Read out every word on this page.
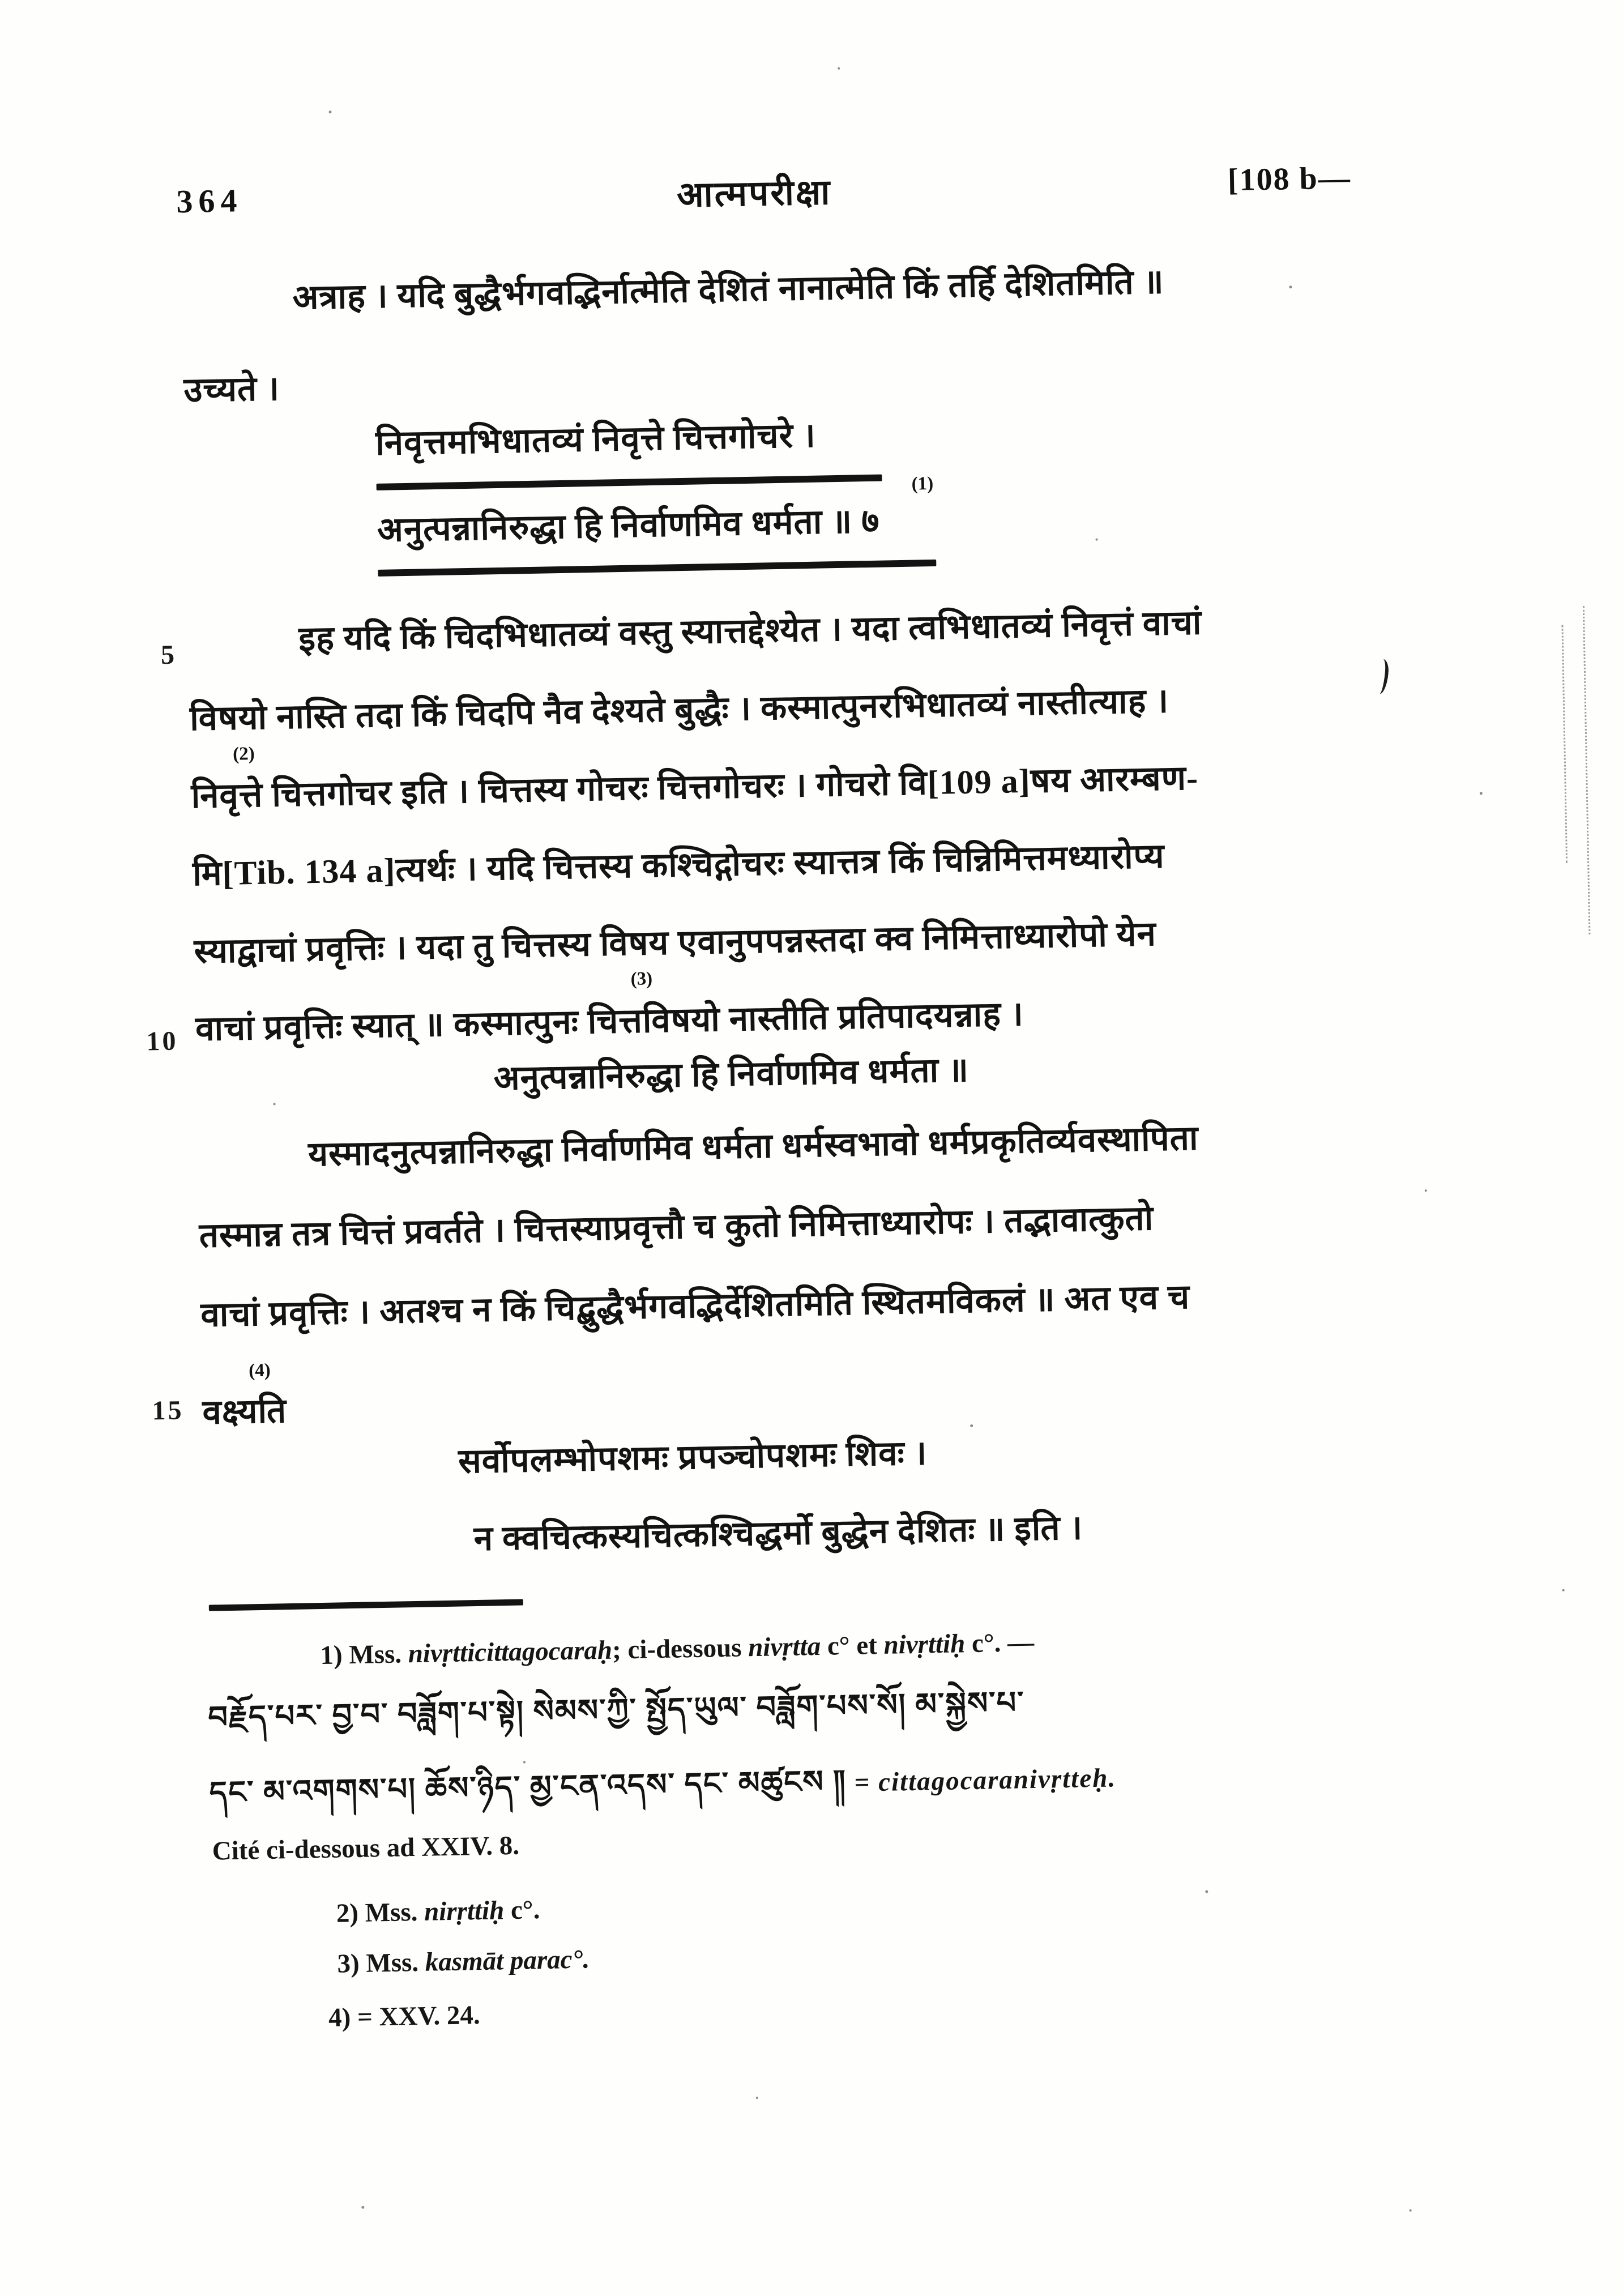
364	आत्मपरीक्षा	[108 b—
अत्राह । यदि बुद्धैर्भगवद्भिर्नात्मेति देशितं नानात्मेति किं तर्हि देशितमिति ॥
उच्यते ।
निवृत्तमभिधातव्यं निवृत्ते चित्तगोचरे ।
(1)
अनुत्पन्नानिरुद्धा हि निर्वाणमिव धर्मता ॥ ७
5	इह यदि किं चिदभिधातव्यं वस्तु स्यात्तद्देश्येत । यदा त्वभिधातव्यं निवृत्तं वाचां
विषयो नास्ति तदा किं चिदपि नैव देश्यते बुद्धैः । कस्मात्पुनरभिधातव्यं नास्तीत्याह ।
(2)
निवृत्ते चित्तगोचर इति । चित्तस्य गोचरः चित्तगोचरः । गोचरो वि[109 a]षय आरम्बण-
मि[Tib. 134 a]त्यर्थः । यदि चित्तस्य कश्चिद्गोचरः स्यात्तत्र किं चिन्निमित्तमध्यारोप्य
स्याद्वाचां प्रवृत्तिः । यदा तु चित्तस्य विषय एवानुपपन्नस्तदा क्व निमित्ताध्यारोपो येन
10
(3)
वाचां प्रवृत्तिः स्यात् ॥ कस्मात्पुनः चित्तविषयो नास्तीति प्रतिपादयन्नाह ।
अनुत्पन्नानिरुद्धा हि निर्वाणमिव धर्मता ॥
यस्मादनुत्पन्नानिरुद्धा निर्वाणमिव धर्मता धर्मस्वभावो धर्मप्रकृतिर्व्यवस्थापिता
तस्मान्न तत्र चित्तं प्रवर्तते । चित्तस्याप्रवृत्तौ च कुतो निमित्ताध्यारोपः । तद्भावात्कुतो
वाचां प्रवृत्तिः । अतश्च न किं चिद्बुद्धैर्भगवद्भिर्देशितमिति स्थितमविकलं ॥ अत एव च
15
(4)
वक्ष्यति
सर्वोपलम्भोपशमः प्रपञ्चोपशमः शिवः ।
न क्वचित्कस्यचित्कश्चिद्धर्मो बुद्धेन देशितः ॥ इति ।
1) Mss. nivṛtticittagocaraḥ; ci-dessous nivṛtta c° et nivṛttiḥ c°. —
བརྗོད་པར་ བྱ་བ་ བཟློག་པ་སྟེ། སེམས་ཀྱི་ སྤྱོད་ཡུལ་ བཟློག་པས་སོ། མ་སྐྱེས་པ་
དང་ མ་འགགས་པ། ཆོས་ཉིད་ མྱ་ངན་འདས་ དང་ མཚུངས ༎ = cittagocaranivṛtteḥ.
Cité ci-dessous ad XXIV. 8.
2) Mss. nirṛttiḥ c°.
3) Mss. kasmāt parac°.
4) = XXV. 24.
